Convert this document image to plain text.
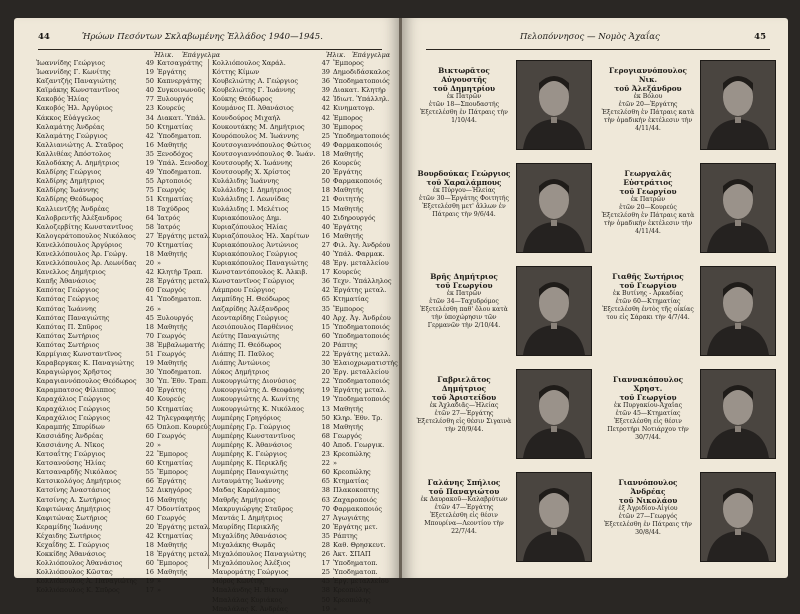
44	Ἡρώων Πεσόντων Σκλαβωμένης Ἑλλάδος 1940—1945.
Ἡλικ. Ἐπάγγελμα	Ἡλικ. Ἐπάγγελμα
Ἰωαννίδης Γεώργιος	49 Κατσαγράτης
Ἰωαννίδης Γ. Κωνίτης	19 Ἐργάτης
Καζαντζής Παναγιώτης	50 Καπνεργάτης
Καϊμάκης Κωνσταντῖνος	40 Συγκοινωνοῦς
Κακοβός Ἠλίας	77 Ξυλουργός
Κακοβός Ἠλ. Ἀργύριος	23 Κουρεύς
Κάκκος Εὐάγγελος	34 Διακατ. Ὑπάλ.
Καλαμάτης Ἀνδρέας	50 Κτηματίας
Καλαμάτης Γεώργιος	42 Ὑποδηματοπ.
Καλλιανιώτης Α. Σταῦρος	16 Μαθητής
Καλλιθέας Ἀπόστολος	35 Ξενοδόχος
Καλοδάκης Α. Δημήτριος	19 Ὑπάλ. Ξενοδοχ.
Καλδίρης Γεώργιος	49 Ὑποδηματοπ.
Καλδίρης Δημήτριος	55 Ἀρτοποιός
Καλδίρης Ἰωάννης	75 Γεωργός
Καλδίρης Θεόδωρος	51 Κτηματίας
Καλλιεντζῆς Ἀνδρέας	18 Ταχύδρος
Καλοβρεντῆς Ἀλέξανδρος	64 Ἰατρός
Καλοζερβίτης Κωνσταντῖνος 58 Ἰατρός
Καλογεράτοπουλος Νικόλαος 27 Ἐργάτης μεταλ.
Κανελλόπουλος Ἀργύριος	70 Κτηματίας
Κανελλόπουλος Ἀρ. Γεώργ.	18 Μαθητής
Κανελλόπουλος Ἀρ. Λεωνίδας 20 »
Κανελλος Δημήτριος	42 Κλητὴρ Τραπ.
Καπῆς Ἀθανάσιος	28 Ἐργάτης μεταλ.
Καπότας Γεώργιος	60 Γεωργός
Καπότας Γεώργιος	41 Ὑποδηματοπ.
Καπότας Ἰωάννης	26 »
Καπότας Παναγιώτης	45 Ξυλουργός
Καπότας Π. Σπῦρος	18 Μαθητής
Καπότας Σωτήριος	70 Γεωργός
Καπότας Σωτήριος	38 Ἐμβαλωματής
Καρμίγιας Κωνσταντῖνος	51 Γεωργός
Καραβεργκας Κ. Παναγιώτης 19 Μαθητής
Καραγιώργος Χρῆστος	30 Ὑποδηματοπ.
Καραγιαννόπουλος Θεόδωρος 30 Ὑπ. Ἐθν. Τραπ.
Καραμπατσος Φίλιππος	40 Ἐργάτης
Καραχάλιος Γεώργιος	40 Κουρεύς
Καραχάλιος Γεώργιος	50 Κτηματίας
Καραχάλιος Γεώργιος	42 Τηλεγραφητής
Καραμπής Σπυρίδων	65 Ὀπλοπ. Κουρεύς
Κασσιάδης Ἀνδρέας	60 Γεωργός
Κασσιάνης Α. Νῖκος	20 »
Κατσαΐτης Γεώργιος	22 Ἔμπορος
Κατσανούσης Ἠλίας	60 Κτηματίας
Κατσαναρδῆς Νικόλαος	55 Ἔμπορος
Κατσικολόγος Δημήτριος	66 Ἐργάτης
Κατσίνης Ἀναστάσιος	52 Δικηγόρος
Κατσίνης Α. Σωτήριος	16 Μαθητής
Καφιτώνας Δημήτριος	47 Ὀδοντίατρος
Καφιτώνας Σωτήριος	60 Γεωργός
Κεραμίδης Ἰωάννης	20 Ἐργάτης μεταλ.
Κέχαιδης Σωτήριος	42 Κτηματίας
Κεχαΐδης Σ. Γεώργιος	18 Μαθητής
Κοκκίδης Ἀθανάσιος	18 Ἐργάτης μεταλ.
Κολλιόπουλος Ἀθανάσιος	60 Ἔμπορος
Κολλιόπουλος Κῶστας	16 Μαθητής
Κολλιόπουλος Ἀ. Παναγιώτης 19 »
Κολλιόπουλος Κ. Σπῦρος	17 »
Κολλιόπουλος Χαράλ.	47 Ἔμπορος
Κόττης Κίμων	39 Δημοδιδάσκαλος
Κουβελιώτης Α. Γεώργιος	36 Ὑποδηματοποιός
Κουβελιώτης Γ. Ἰωάννης	39 Διακατ. Κλητήρ
Κούκης Θεόδωρος	42 Ἰδιωτ. Ὑπάλληλ.
Κουμάνος Π. Ἀθανάσιος	42 Κινηματογρ.
Κουνδούρος Μιχαήλ	42 Ἐμπορος
Κουκουτάκης Μ. Δημήτριος	30 Ἐμπορος
Κουρόπουλος Μ. Ἰωάννης	25 Ὑποδηματοποιός
Κουτσογιαννόπουλος Φώτιος 49 Φαρμακοποιός
Κουτσογιαννόπουλος Φ. Ἰωάν. 18 Μαθητής
Κουτσουρῆς Χ. Ἰωάννης	26 Κουρεύς
Κουτσουρῆς Χ. Χρίστος	20 Ἐργάτης
Κυλάλιδης Ἰωάννης	50 Φαρμακοποιός
Κυλάλιδης Ι. Δημήτριος	18 Μαθητής
Κυλάλιδης Ι. Λεωνίδας	21 Φοιτητής
Κυλάλιδης Ι. Μελέτιος	15 Μαθητής
Κυριακόπουλος Δημ.	40 Σιδηρουργός
Κυριαζόπουλος Ἠλίας	40 Ἐργάτης
Κυριαζόπουλος Ἠλ. Χαρίτων 16 Μαθητής
Κυριακόπουλος Ἀντώνιος	27 Φιλ. Ἀγ. Ἀνδρέου
Κυριακόπουλος Γεώργιος	40 Ὑπάλ. Φαρμακ.
Κυριακόπουλος Παναγιώτης 48 Ἐργ. μεταλλείου
Κωνσταντόπουλος Κ. Ἀλκιβ. 17 Κουρεύς
Κωνσταντῖνος Γεώργιος	36 Τεχν. Ὑπάλληλος
Λάμπρου Γεώργιος	42 Ἐργάτης μεταλ.
Λαμπίδης Η. Θεόδωρος	65 Κτηματίας
Λαζαρίδης Ἀλέξανδρος	35 Ἔμπορος
Λεονταρίδης Γεώργιος	40 Ἀρχ. Ἀγ. Ἀνδρέου
Λεσιόπουλος Παρθένιος	15 Ὑποδηματοποιός
Λεύτης Παναγιώτης	60 Ὑποδηματοποιός
Λιάπης Π. Θεόδωρος	20 Ράπτης
Λιάπης Π. Παῦλος	22 Ἐργάτης μεταλλ.
Λιάπης Ἀντώνιος	30 Ἐλαιοχρωματιστής
Λύκος Δημήτριος	20 Ἐργ. μεταλλείου
Λυκουργιώτης Διονύσιος	22 Ὑποδηματοποιός
Λυκουργιώτης Δ. Θεοφάνης	19 Ἐργάτης μεταλ.
Λυκουργιώτης Α. Κωνίτης	19 Ὑποδηματοποιός
Λυκουργιώτης Κ. Νικόλαος	13 Μαθητής
Λυμπέρης Γρηγόριος	50 Κληρ. Ἐθν. Τρ.
Λυμπέρης Γρ. Γεώργιος	18 Μαθητής
Λυμπέρης Κωνσταντῖνος	68 Γεωργός
Λυμπέρης Κ. Ἀθανάσιος	40 Ἀποδ. Γεωργικ.
Λυμπέρης Κ. Γεώργιος	23 Κρεοπώλης
Λυμπέρης Κ. Περικλῆς	22 »
Λυμπέρης Παναγιώτης	60 Κρεοπώλης
Λυταυμάτης Ἰωάννης	65 Κτηματίας
Μαδας Καράλαμπος	38 Πλακοκοπτης
Μαθρῆς Δημήτριος	63 Ζαχαροποιός
Μακρυγιώργης Σταῦρος	70 Φαρμακοποιός
Μαντάς Ι. Δημήτριος	27 Ἀγωγιάτης
Μαυρίδης Περικλῆς	20 Ἐργάτης μετ.
Μιχαλίδης Ἀθανάσιος	35 Ράπτης
Μιχαλάκης Θωμᾶς	28 Καθ. Θρησκευτ.
Μιχαλόπουλος Παναγιώτης 26 Ἀκτ. ΣΠΑΠ
Μιχαλόπουλος Ἀλέξιος	17 Ὑποδηματοπ.
Μαυρομάτης Γεώργιος	25 Ὑποδηματοπ.
Μόρος Κωνίτης	45 Ἐργ. μεταλλείου
Μπαλάνδης Η. Βίκτωρ	38 Κρεοπώλης
Μπαλάλας Κυριάκος	50 Κρεοπώλης
Μπαλάλας Κ. Ἀνδρέας	19 »
Πελοπόννησος — Νομὸς Ἀχαΐας	45
Βικτωρᾶτος Αὐγουστῆς
τοῦ Δημητρίου
ἐκ Πατρῶν
ἐτῶν 18—Σπουδαστής
Ἐξετελέσθη ἐν Πάτραις τὴν 1/10/44.
Γερογιαννόπουλος Νικ.
τοῦ Ἀλεξάνδρου
ἐκ Βόλου
ἐτῶν 20—Ἐργάτης
Ἐξετελέσθη ἐν Πάτραις κατὰ τὴν ὁμαδικὴν ἐκτέλεσιν τὴν 4/11/44.
Βουρδούκας Γεώργιος
τοῦ Χαραλάμπους
ἐκ Πύργου—Ἠλείας
ἐτῶν 30—Ἐργάτης Φοιτητής
Ἐξετελέσθη μετ' ἄλλων ἐν Πάτραις τὴν 9/6/44.
Γεωργαλᾶς Εὐστράτιος
τοῦ Γεωργίου
ἐκ Πατρῶν
ἐτῶν 20—Κουρεύς
Ἐξετελέσθη ἐν Πάτραις κατὰ τὴν ὁμαδικὴν ἐκτέλεσιν τὴν 4/11/44.
Βρῆς Δημήτριος
τοῦ Γεωργίου
ἐκ Πατρῶν
ἐτῶν 34—Ταχυδρόμος
Ἐξετελέσθη παθ' ὅλου κατὰ τὴν ὑποχώρησιν τῶν Γερμανῶν τὴν 2/10/44.
Γιαθῆς Σωτήριος
τοῦ Γεωργίου
ἐκ Βυτίνης - Ἀρκαδίας
ἐτῶν 60—Κτηματίας
Ἐξετελέσθη ἐντὸς τῆς οἰκίας του εἰς Σάρακι τὴν 4/7/44.
Γαβριελᾶτος Δημήτριος
τοῦ Ἀριστείδου
ἐκ Ἀχλαδιᾶς—Ἠλείας
ἐτῶν 27—Ἐργάτης
Ἐξετελέσθη εἰς θέσιν Σιγαινὰ τὴν 20/9/44.
Γιαννακόπουλος Χρηστ.
τοῦ Γεωργίου
ἐκ Πυργακίου-Ἀχαΐας
ἐτῶν 45—Κτηματίας
Ἐξετελέσθη εἰς θέσιν Πετροτήρι Νοτιάρχου τὴν 30/7/44.
Γαλάνης Σπήλιος
τοῦ Παναγιώτου
ἐκ Δαυρακοῦ—Καλαβρύτων
ἐτῶν 47—Ἐργάτης
Ἐξετελέσθη εἰς θέσιν Μπουρίνα—Λεοντίου τὴν 22/7/44.
Γιαννόπουλος Ἀνδρέας
τοῦ Νικολάου
ἐξ Ἀγριδίου-Αἰγίου
ἐτῶν 27—Γεωργός
Ἐξετελέσθη ἐν Πάτραις τὴν 30/8/44.
